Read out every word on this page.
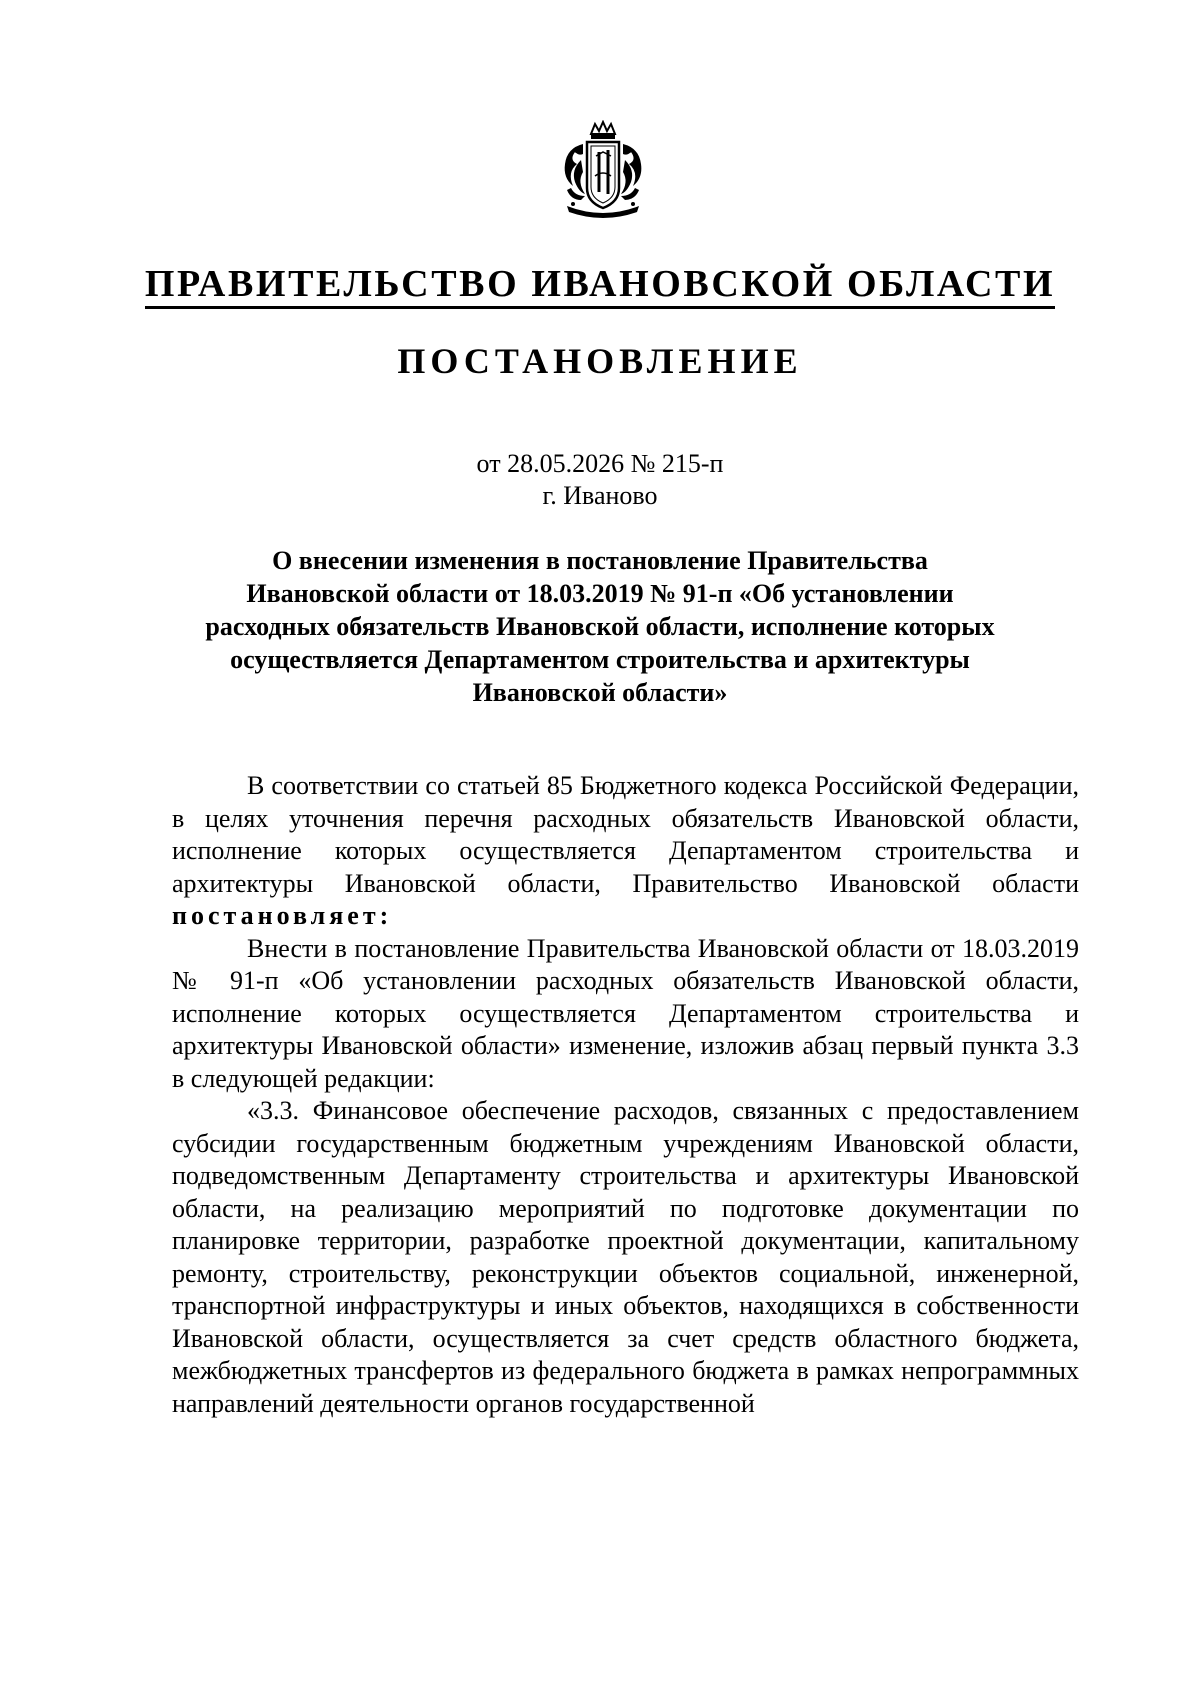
ПРАВИТЕЛЬСТВО ИВАНОВСКОЙ ОБЛАСТИ
ПОСТАНОВЛЕНИЕ
от 28.05.2026 № 215-п
г. Иваново
О внесении изменения в постановление Правительства
Ивановской области от 18.03.2019 № 91-п «Об установлении
расходных обязательств Ивановской области, исполнение которых
осуществляется Департаментом строительства и архитектуры
Ивановской области»

В соответствии со статьей 85 Бюджетного кодекса Российской Федерации, в целях уточнения перечня расходных обязательств Ивановской области, исполнение которых осуществляется Департаментом строительства и архитектуры Ивановской области, Правительство Ивановской области постановляет:

Внести в постановление Правительства Ивановской области от 18.03.2019 № 91-п «Об установлении расходных обязательств Ивановской области, исполнение которых осуществляется Департаментом строительства и архитектуры Ивановской области» изменение, изложив абзац первый пункта 3.3 в следующей редакции:

«3.3. Финансовое обеспечение расходов, связанных с предоставлением субсидии государственным бюджетным учреждениям Ивановской области, подведомственным Департаменту строительства и архитектуры Ивановской области, на реализацию мероприятий по подготовке документации по планировке территории, разработке проектной документации, капитальному ремонту, строительству, реконструкции объектов социальной, инженерной, транспортной инфраструктуры и иных объектов, находящихся в собственности Ивановской области, осуществляется за счет средств областного бюджета, межбюджетных трансфертов из федерального бюджета в рамках непрограммных направлений деятельности органов государственной
